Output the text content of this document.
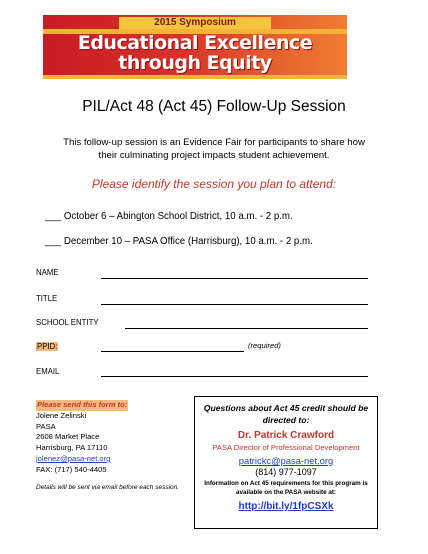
2015 Symposium
Educational Excellence
through Equity
PIL/Act 48 (Act 45) Follow-Up Session
This follow-up session is an Evidence Fair for participants to share how their culminating project impacts student achievement.
Please identify the session you plan to attend:
___ October 6 – Abington School District, 10 a.m. - 2 p.m.
___ December 10 – PASA Office (Harrisburg), 10 a.m. - 2 p.m.
NAME
TITLE
SCHOOL ENTITY
PPID:	(required)
EMAIL
Please send this form to:
Jolene Zelinski
PASA
2608 Market Place
Harrisburg, PA 17110
jolenez@pasa-net.org
FAX: (717) 540-4405
Details will be sent via email before each session.
Questions about Act 45 credit should be directed to:
Dr. Patrick Crawford
PASA Director of Professional Development
patrickc@pasa-net.org
(814) 977-1097
Information on Act 45 requirements for this program is available on the PASA website at:
http://bit.ly/1fpCSXk
